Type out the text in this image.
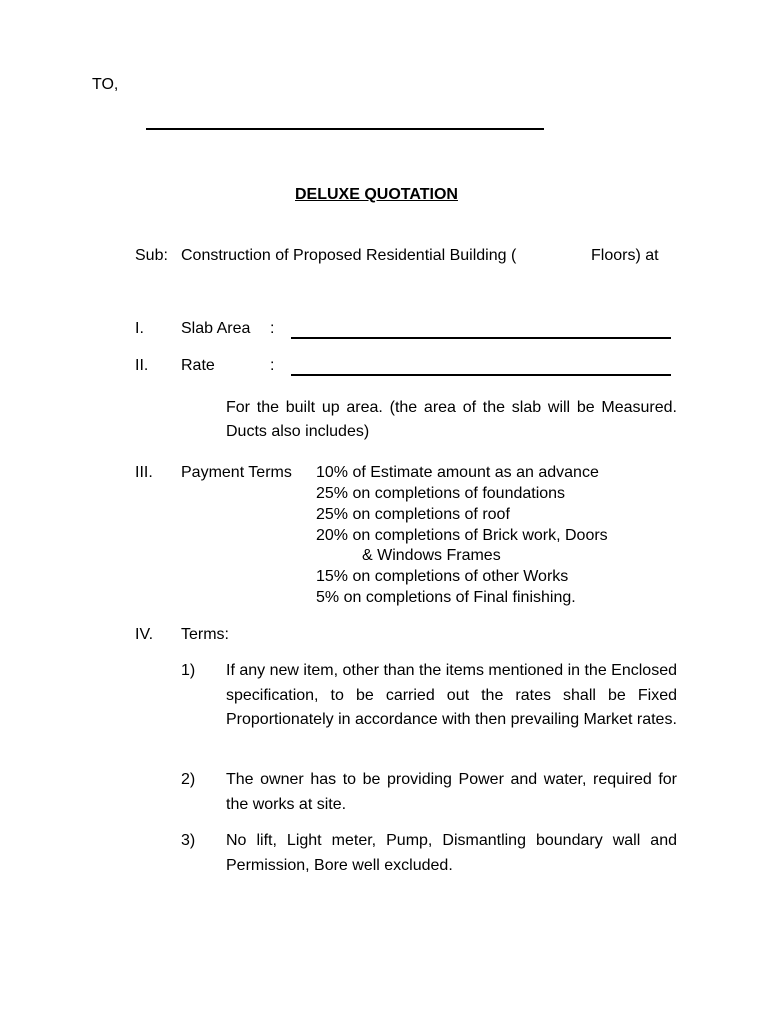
TO,
DELUXE QUOTATION
Sub: Construction of Proposed Residential Building (	Floors) at
I. Slab Area :
II. Rate	:
For the built up area. (the area of the slab will be Measured. Ducts also includes)
III. Payment Terms 10% of Estimate amount as an advance
25% on completions of foundations
25% on completions of roof
20% on completions of Brick work, Doors
& Windows Frames
15% on completions of other Works
5% on completions of Final finishing.
IV. Terms:
1) If any new item, other than the items mentioned in the Enclosed specification, to be carried out the rates shall be Fixed Proportionately in accordance with then prevailing Market rates.
2) The owner has to be providing Power and water, required for the works at site.
3) No lift, Light meter, Pump, Dismantling boundary wall and Permission, Bore well excluded.
